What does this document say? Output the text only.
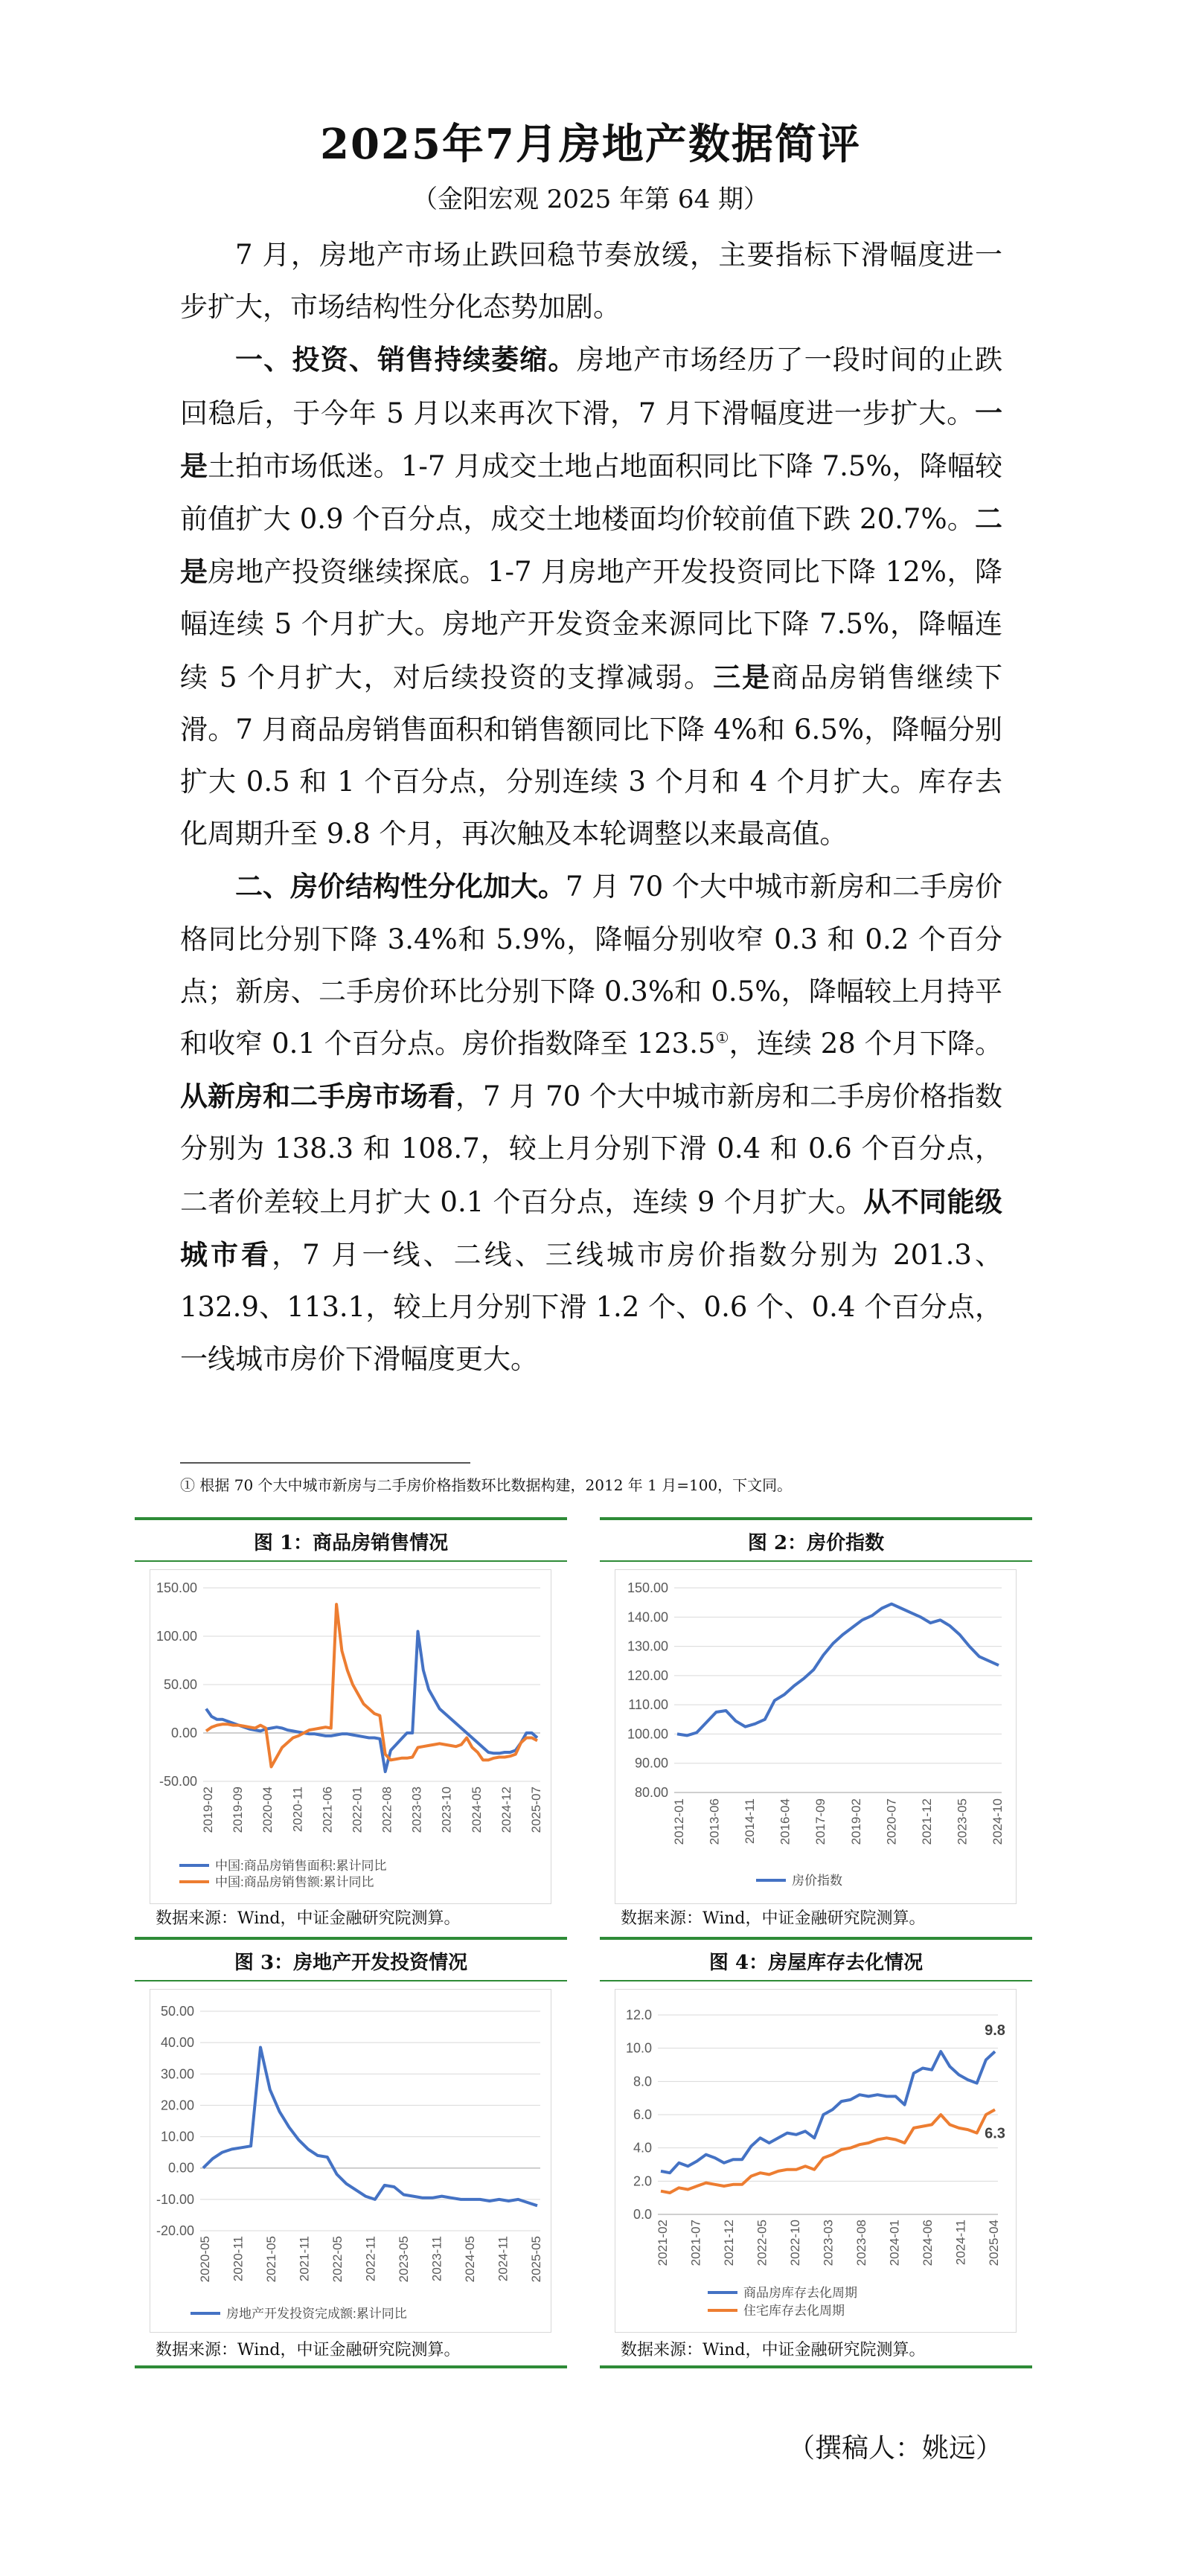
2025年7月房地产数据简评
（金阳宏观 2025 年第 64 期）

7 月，房地产市场止跌回稳节奏放缓，主要指标下滑幅度进一步扩大，市场结构性分化态势加剧。

一、投资、销售持续萎缩。房地产市场经历了一段时间的止跌回稳后，于今年 5 月以来再次下滑，7 月下滑幅度进一步扩大。一是土拍市场低迷。1-7 月成交土地占地面积同比下降 7.5%，降幅较前值扩大 0.9 个百分点，成交土地楼面均价较前值下跌 20.7%。二是房地产投资继续探底。1-7 月房地产开发投资同比下降 12%，降幅连续 5 个月扩大。房地产开发资金来源同比下降 7.5%，降幅连续 5 个月扩大，对后续投资的支撑减弱。三是商品房销售继续下滑。7 月商品房销售面积和销售额同比下降 4%和 6.5%，降幅分别扩大 0.5 和 1 个百分点，分别连续 3 个月和 4 个月扩大。库存去化周期升至 9.8 个月，再次触及本轮调整以来最高值。

二、房价结构性分化加大。7 月 70 个大中城市新房和二手房价格同比分别下降 3.4%和 5.9%，降幅分别收窄 0.3 和 0.2 个百分点；新房、二手房价环比分别下降 0.3%和 0.5%，降幅较上月持平和收窄 0.1 个百分点。房价指数降至 123.5①，连续 28 个月下降。从新房和二手房市场看，7 月 70 个大中城市新房和二手房价格指数分别为 138.3 和 108.7，较上月分别下滑 0.4 和 0.6 个百分点，二者价差较上月扩大 0.1 个百分点，连续 9 个月扩大。从不同能级城市看，7 月一线、二线、三线城市房价指数分别为 201.3、132.9、113.1，较上月分别下滑 1.2 个、0.6 个、0.4 个百分点，一线城市房价下滑幅度更大。

① 根据 70 个大中城市新房与二手房价格指数环比数据构建，2012 年 1 月=100，下文同。
图 1：商品房销售情况
150.00
100.00
50.00
0.00
-50.00
2019-02 2019-09 2020-04 2020-11 2021-06 2022-01 2022-08 2023-03 2023-10 2024-05 2024-12 2025-07
中国:商品房销售面积:累计同比
中国:商品房销售额:累计同比
数据来源：Wind，中证金融研究院测算。
图 2：房价指数
150.00
140.00
130.00
120.00
110.00
100.00
90.00
80.00
2012-01 2013-06 2014-11 2016-04 2017-09 2019-02 2020-07 2021-12 2023-05 2024-10
房价指数
数据来源：Wind，中证金融研究院测算。
图 3：房地产开发投资情况
50.00
40.00
30.00
20.00
10.00
0.00
-10.00
-20.00
2020-05 2020-11 2021-05 2021-11 2022-05 2022-11 2023-05 2023-11 2024-05 2024-11 2025-05
房地产开发投资完成额:累计同比
数据来源：Wind，中证金融研究院测算。
图 4：房屋库存去化情况
12.0
10.0
8.0
6.0
4.0
2.0
0.0
2021-02 2021-07 2021-12 2022-05 2022-10 2023-03 2023-08 2024-01 2024-06 2024-11 2025-04
商品房库存去化周期
住宅库存去化周期
9.8
6.3
数据来源：Wind，中证金融研究院测算。
（撰稿人：姚远）
